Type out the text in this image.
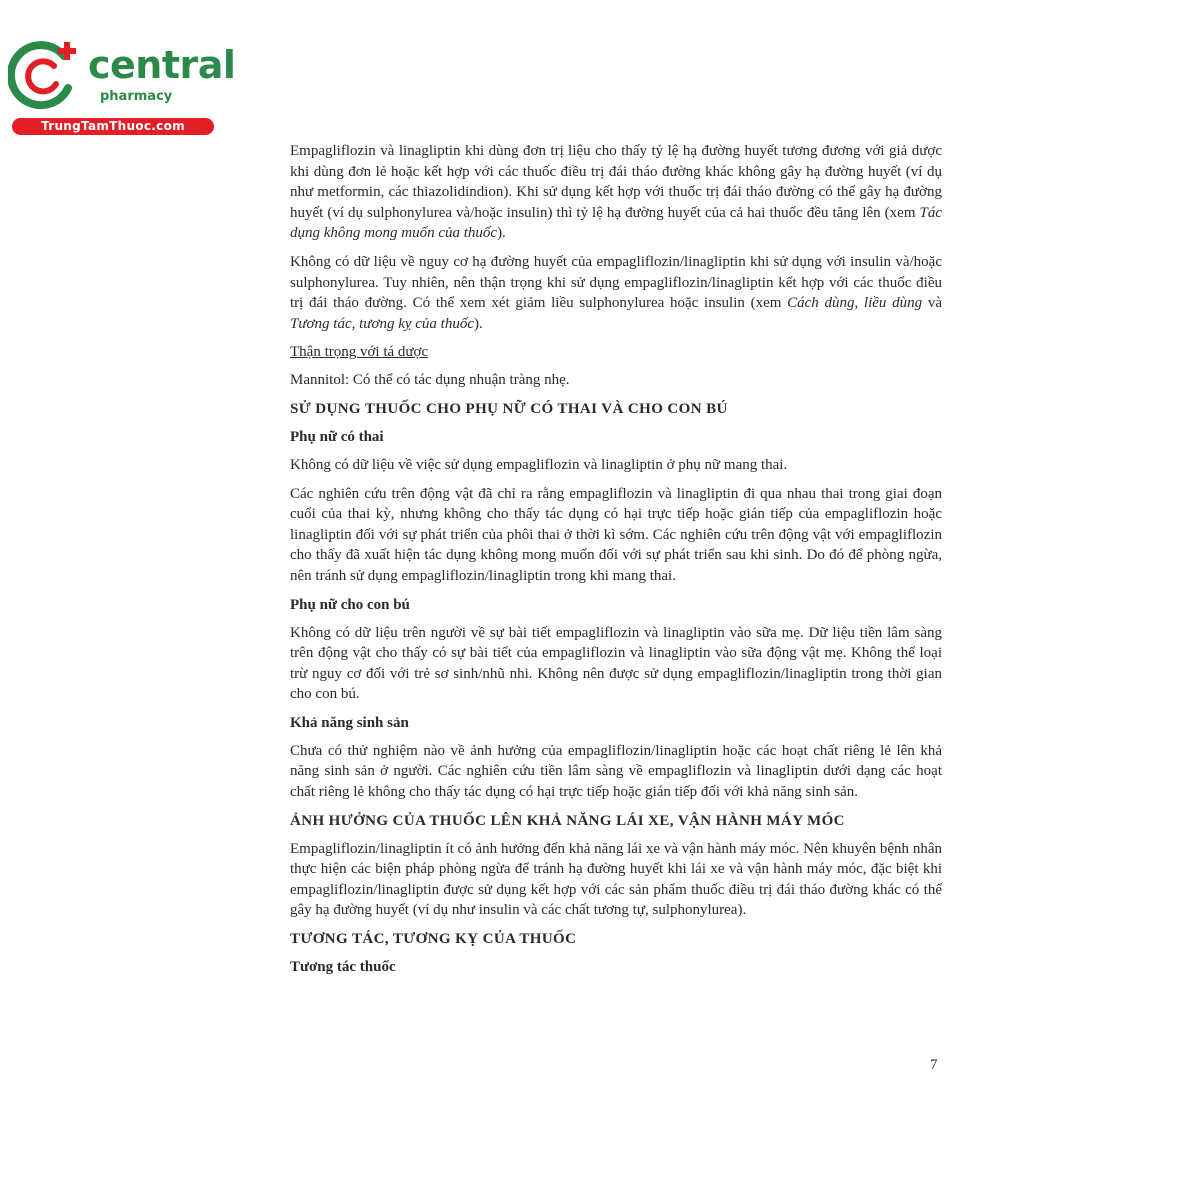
central
pharmacy
TrungTamThuoc.com

Empagliflozin và linagliptin khi dùng đơn trị liệu cho thấy tỷ lệ hạ đường huyết tương đương với giả dược khi dùng đơn lẻ hoặc kết hợp với các thuốc điều trị đái tháo đường khác không gây hạ đường huyết (ví dụ như metformin, các thiazolidindion). Khi sử dụng kết hợp với thuốc trị đái tháo đường có thể gây hạ đường huyết (ví dụ sulphonylurea và/hoặc insulin) thì tỷ lệ hạ đường huyết của cả hai thuốc đều tăng lên (xem Tác dụng không mong muốn của thuốc).

Không có dữ liệu về nguy cơ hạ đường huyết của empagliflozin/linagliptin khi sử dụng với insulin và/hoặc sulphonylurea. Tuy nhiên, nên thận trọng khi sử dụng empagliflozin/linagliptin kết hợp với các thuốc điều trị đái tháo đường. Có thể xem xét giảm liều sulphonylurea hoặc insulin (xem Cách dùng, liều dùng và Tương tác, tương kỵ của thuốc).

Thận trọng với tá dược

Mannitol: Có thể có tác dụng nhuận tràng nhẹ.

SỬ DỤNG THUỐC CHO PHỤ NỮ CÓ THAI VÀ CHO CON BÚ

Phụ nữ có thai

Không có dữ liệu về việc sử dụng empagliflozin và linagliptin ở phụ nữ mang thai.

Các nghiên cứu trên động vật đã chỉ ra rằng empagliflozin và linagliptin đi qua nhau thai trong giai đoạn cuối của thai kỳ, nhưng không cho thấy tác dụng có hại trực tiếp hoặc gián tiếp của empagliflozin hoặc linagliptin đối với sự phát triển của phôi thai ở thời kì sớm. Các nghiên cứu trên động vật với empagliflozin cho thấy đã xuất hiện tác dụng không mong muốn đối với sự phát triển sau khi sinh. Do đó để phòng ngừa, nên tránh sử dụng empagliflozin/linagliptin trong khi mang thai.

Phụ nữ cho con bú

Không có dữ liệu trên người về sự bài tiết empagliflozin và linagliptin vào sữa mẹ. Dữ liệu tiền lâm sàng trên động vật cho thấy có sự bài tiết của empagliflozin và linagliptin vào sữa động vật mẹ. Không thể loại trừ nguy cơ đối với trẻ sơ sinh/nhũ nhi. Không nên được sử dụng empagliflozin/linagliptin trong thời gian cho con bú.

Khả năng sinh sản

Chưa có thử nghiệm nào về ảnh hưởng của empagliflozin/linagliptin hoặc các hoạt chất riêng lẻ lên khả năng sinh sản ở người. Các nghiên cứu tiền lâm sàng về empagliflozin và linagliptin dưới dạng các hoạt chất riêng lẻ không cho thấy tác dụng có hại trực tiếp hoặc gián tiếp đối với khả năng sinh sản.

ẢNH HƯỞNG CỦA THUỐC LÊN KHẢ NĂNG LÁI XE, VẬN HÀNH MÁY MÓC

Empagliflozin/linagliptin ít có ảnh hưởng đến khả năng lái xe và vận hành máy móc. Nên khuyên bệnh nhân thực hiện các biện pháp phòng ngừa để tránh hạ đường huyết khi lái xe và vận hành máy móc, đặc biệt khi empagliflozin/linagliptin được sử dụng kết hợp với các sản phẩm thuốc điều trị đái tháo đường khác có thể gây hạ đường huyết (ví dụ như insulin và các chất tương tự, sulphonylurea).

TƯƠNG TÁC, TƯƠNG KỴ CỦA THUỐC

Tương tác thuốc

7
